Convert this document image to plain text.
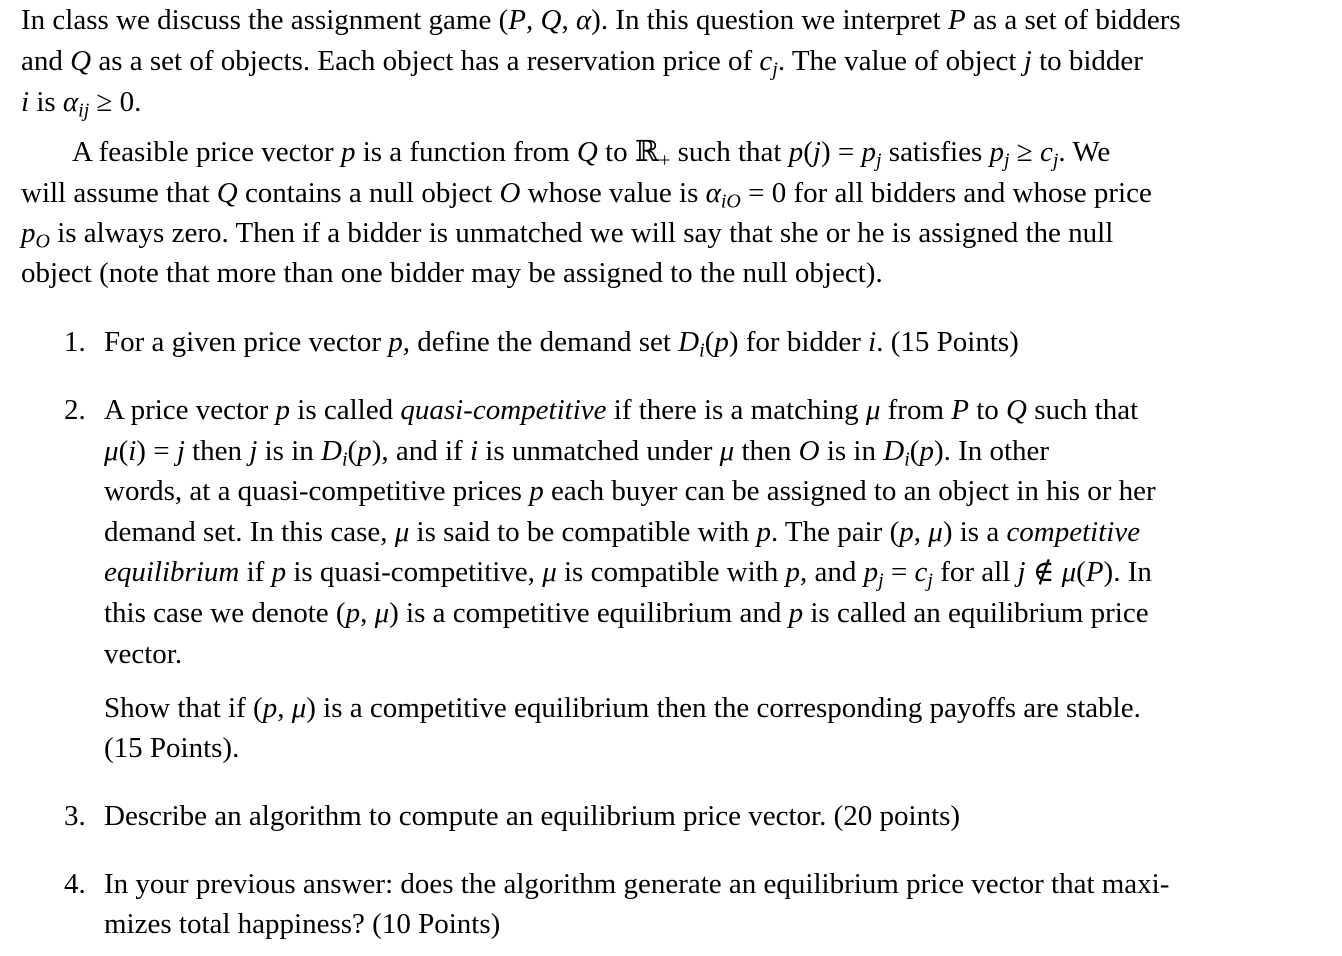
In class we discuss the assignment game (P, Q, α). In this question we interpret P as a set of bidders
and Q as a set of objects. Each object has a reservation price of $c_j$. The value of object j to bidder
i is $\alpha_{ij} \ge 0$.
A feasible price vector p is a function from Q to ℝ$_+$ such that $p(j) = p_j$ satisfies $p_j \ge c_j$. We
will assume that Q contains a null object O whose value is $\alpha_{iO} = 0$ for all bidders and whose price
$p_O$ is always zero. Then if a bidder is unmatched we will say that she or he is assigned the null
object (note that more than one bidder may be assigned to the null object).
1. For a given price vector p, define the demand set $D_i(p)$ for bidder i. (15 Points)
2. A price vector p is called quasi-competitive if there is a matching μ from P to Q such that
μ(i) = j then j is in $D_i(p)$, and if i is unmatched under μ then O is in $D_i(p)$. In other
words, at a quasi-competitive prices p each buyer can be assigned to an object in his or her
demand set. In this case, μ is said to be compatible with p. The pair (p, μ) is a competitive
equilibrium if p is quasi-competitive, μ is compatible with p, and $p_j = c_j$ for all j ∉ μ(P). In
this case we denote (p, μ) is a competitive equilibrium and p is called an equilibrium price
vector.
Show that if (p, μ) is a competitive equilibrium then the corresponding payoffs are stable.
(15 Points).
3. Describe an algorithm to compute an equilibrium price vector. (20 points)
4. In your previous answer: does the algorithm generate an equilibrium price vector that maxi-
mizes total happiness? (10 Points)
